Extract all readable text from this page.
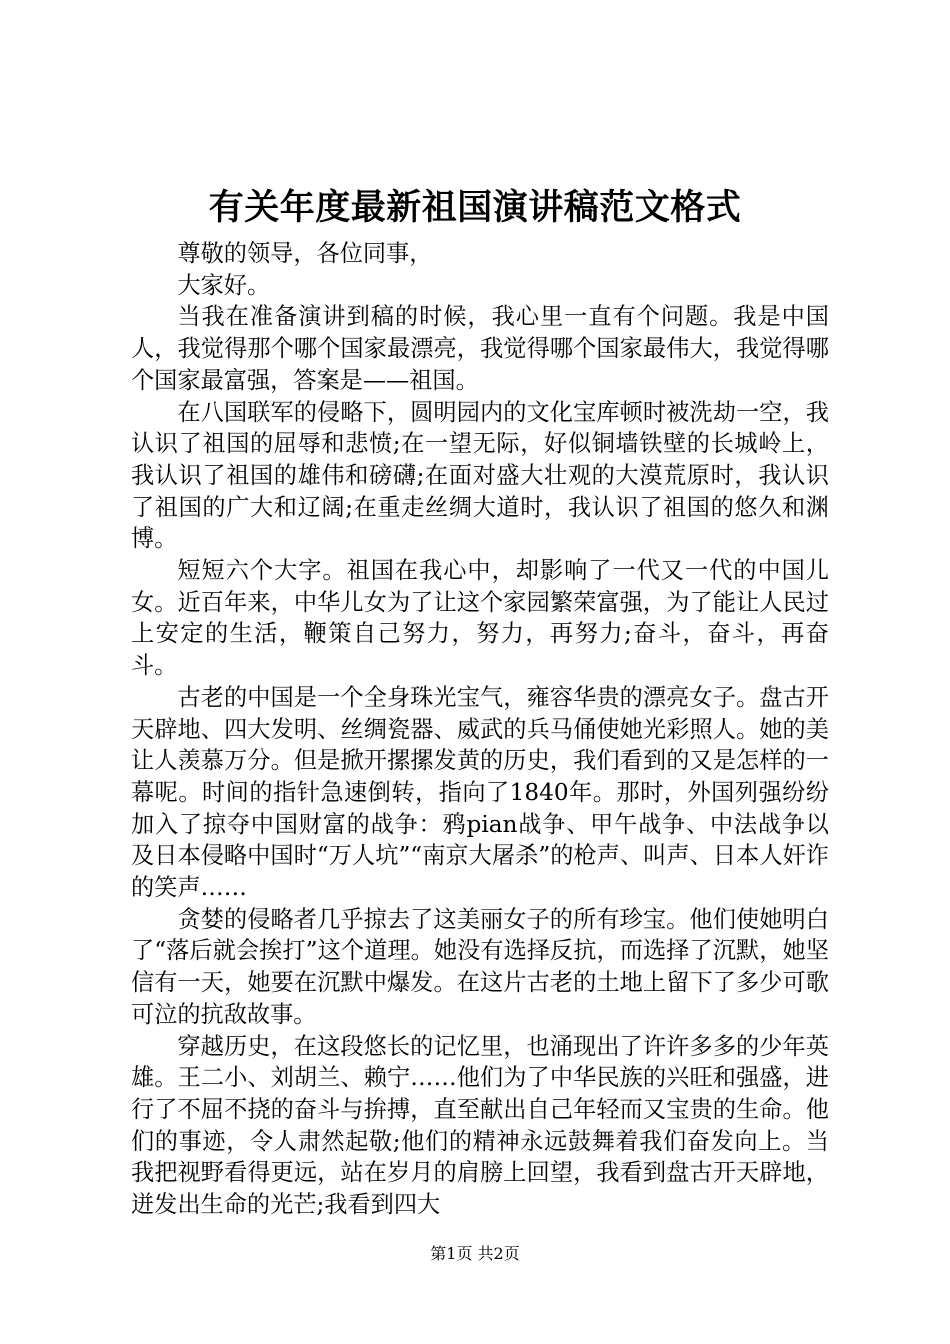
有关年度最新祖国演讲稿范文格式

尊敬的领导，各位同事，

大家好。

当我在准备演讲到稿的时候，我心里一直有个问题。我是中国人，我觉得那个哪个国家最漂亮，我觉得哪个国家最伟大，我觉得哪个国家最富强，答案是——祖国。

在八国联军的侵略下，圆明园内的文化宝库顿时被洗劫一空，我认识了祖国的屈辱和悲愤;在一望无际，好似铜墙铁壁的长城岭上，我认识了祖国的雄伟和磅礴;在面对盛大壮观的大漠荒原时，我认识了祖国的广大和辽阔;在重走丝绸大道时，我认识了祖国的悠久和渊博。

短短六个大字。祖国在我心中，却影响了一代又一代的中国儿女。近百年来，中华儿女为了让这个家园繁荣富强，为了能让人民过上安定的生活，鞭策自己努力，努力，再努力;奋斗，奋斗，再奋斗。

古老的中国是一个全身珠光宝气，雍容华贵的漂亮女子。盘古开天辟地、四大发明、丝绸瓷器、威武的兵马俑使她光彩照人。她的美让人羡慕万分。但是掀开摞摞发黄的历史，我们看到的又是怎样的一幕呢。时间的指针急速倒转，指向了1840年。那时，外国列强纷纷加入了掠夺中国财富的战争：鸦pian战争、甲午战争、中法战争以及日本侵略中国时“万人坑”“南京大屠杀”的枪声、叫声、日本人奸诈的笑声……

贪婪的侵略者几乎掠去了这美丽女子的所有珍宝。他们使她明白了“落后就会挨打”这个道理。她没有选择反抗，而选择了沉默，她坚信有一天，她要在沉默中爆发。在这片古老的土地上留下了多少可歌可泣的抗敌故事。

穿越历史，在这段悠长的记忆里，也涌现出了许许多多的少年英雄。王二小、刘胡兰、赖宁……他们为了中华民族的兴旺和强盛，进行了不屈不挠的奋斗与拚搏，直至献出自己年轻而又宝贵的生命。他们的事迹，令人肃然起敬;他们的精神永远鼓舞着我们奋发向上。当我把视野看得更远，站在岁月的肩膀上回望，我看到盘古开天辟地，迸发出生命的光芒;我看到四大

第1页 共2页
